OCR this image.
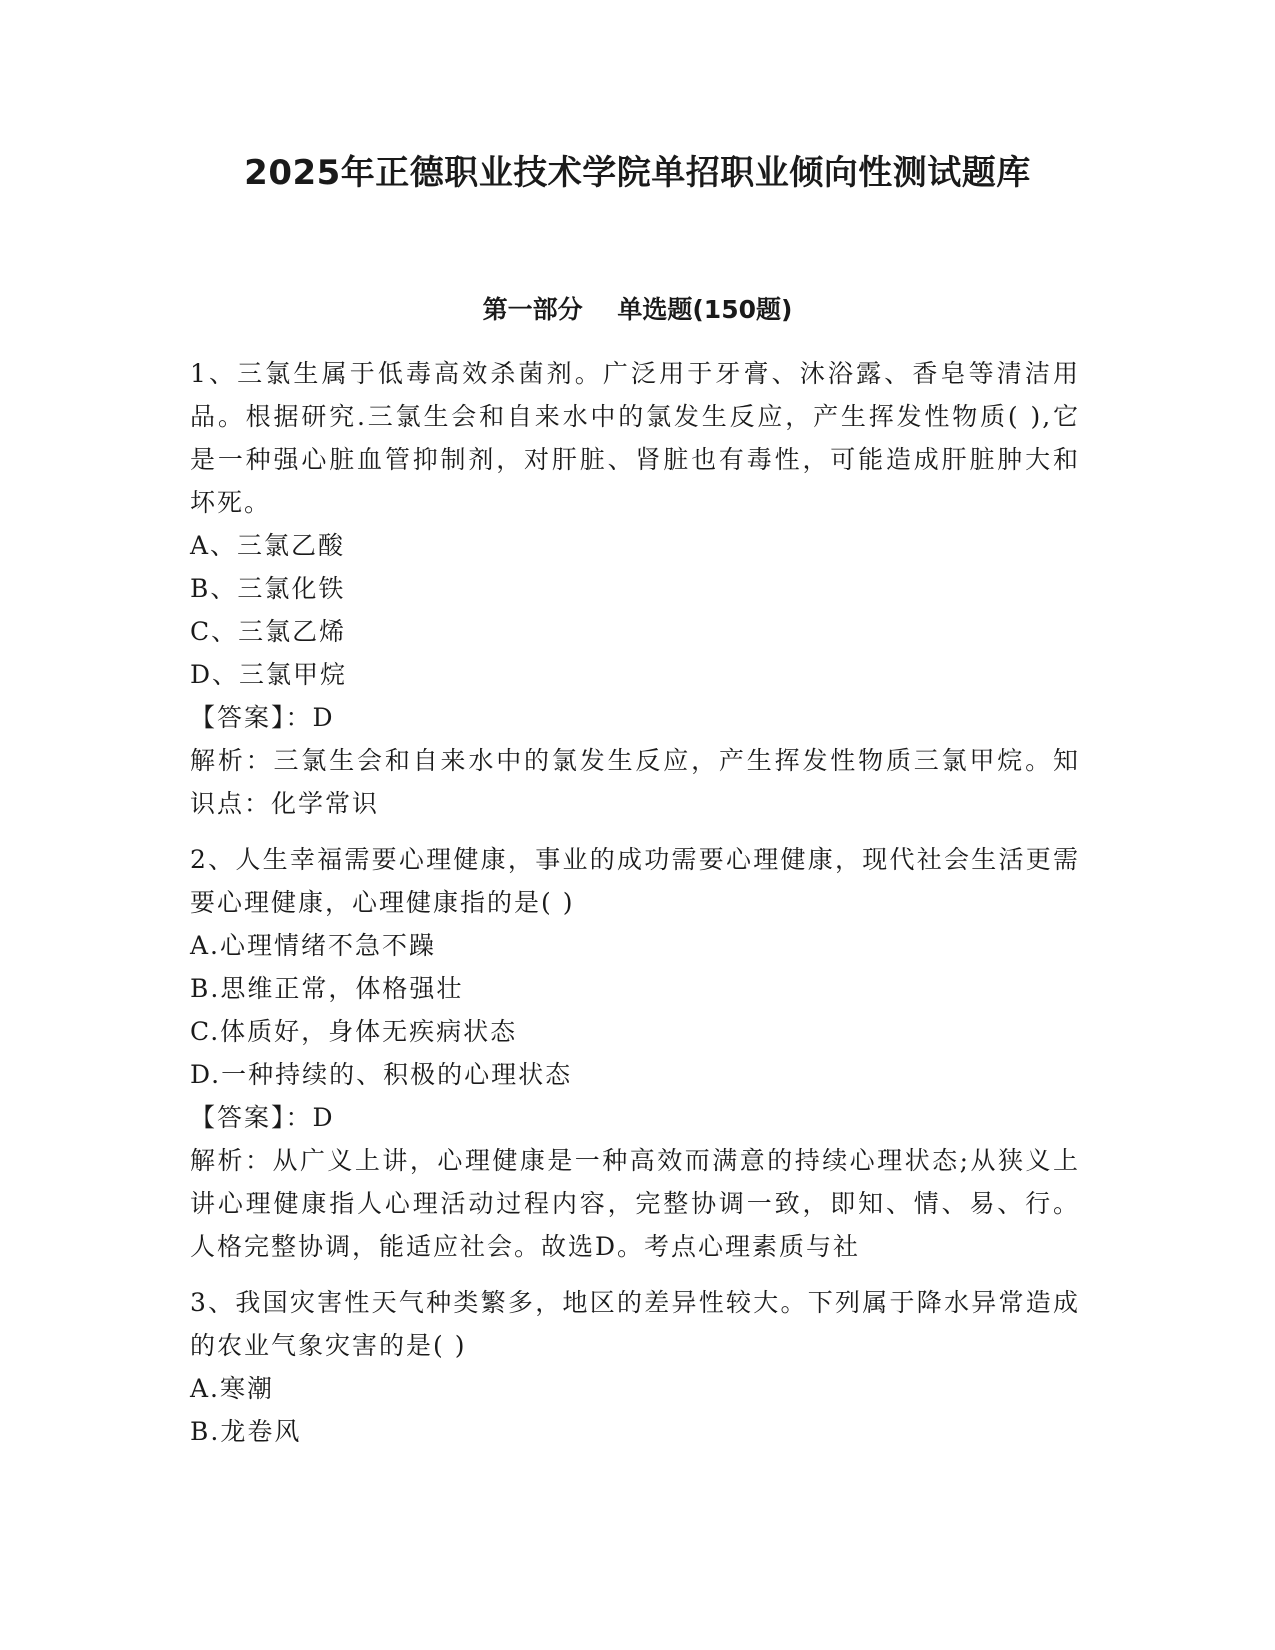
2025年正德职业技术学院单招职业倾向性测试题库
第一部分    单选题(150题)

1、三氯生属于低毒高效杀菌剂。广泛用于牙膏、沐浴露、香皂等清洁用品。根据研究.三氯生会和自来水中的氯发生反应，产生挥发性物质( ),它是一种强心脏血管抑制剂，对肝脏、肾脏也有毒性，可能造成肝脏肿大和坏死。

A、三氯乙酸

B、三氯化铁

C、三氯乙烯

D、三氯甲烷

【答案】：D

解析：三氯生会和自来水中的氯发生反应，产生挥发性物质三氯甲烷。知识点：化学常识

2、人生幸福需要心理健康，事业的成功需要心理健康，现代社会生活更需要心理健康，心理健康指的是( )

A.心理情绪不急不躁

B.思维正常，体格强壮

C.体质好，身体无疾病状态

D.一种持续的、积极的心理状态

【答案】：D

解析：从广义上讲，心理健康是一种高效而满意的持续心理状态;从狭义上讲心理健康指人心理活动过程内容，完整协调一致，即知、情、易、行。人格完整协调，能适应社会。故选D。考点心理素质与社

3、我国灾害性天气种类繁多，地区的差异性较大。下列属于降水异常造成的农业气象灾害的是( )

A.寒潮

B.龙卷风
